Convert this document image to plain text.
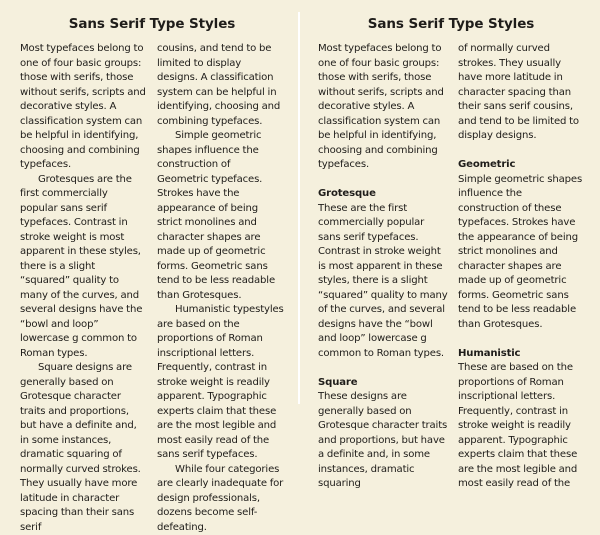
Sans Serif Type Styles

Most typefaces belong to one of four basic groups: those with serifs, those without serifs, scripts and decorative styles. A classification system can be helpful in identifying, choosing and combining typefaces.

Grotesques are the first commercially popular sans serif typefaces. Contrast in stroke weight is most apparent in these styles, there is a slight “squared” quality to many of the curves, and several designs have the “bowl and loop” lowercase g common to Roman types.

Square designs are generally based on Grotesque character traits and proportions, but have a definite and, in some instances, dramatic squaring of normally curved strokes. They usually have more latitude in character spacing than their sans serif

cousins, and tend to be limited to display designs. A classification system can be helpful in identifying, choosing and combining typefaces.

Simple geometric shapes influence the construction of Geometric typefaces. Strokes have the appearance of being strict monolines and character shapes are made up of geometric forms. Geometric sans tend to be less readable than Grotesques.

Humanistic typestyles are based on the proportions of Roman inscriptional letters. Frequently, contrast in stroke weight is readily apparent. Typographic experts claim that these are the most legible and most easily read of the sans serif typefaces.

While four categories are clearly inadequate for design professionals, dozens become self-defeating.

Sans Serif Type Styles

Most typefaces belong to one of four basic groups: those with serifs, those without serifs, scripts and decorative styles. A classification system can be helpful in identifying, choosing and combining typefaces.

Grotesque

These are the first commercially popular sans serif typefaces. Contrast in stroke weight is most apparent in these styles, there is a slight “squared” quality to many of the curves, and several designs have the “bowl and loop” lowercase g common to Roman types.

Square

These designs are generally based on Grotesque character traits and proportions, but have a definite and, in some instances, dramatic squaring

of normally curved strokes. They usually have more latitude in character spacing than their sans serif cousins, and tend to be limited to display designs.

Geometric

Simple geometric shapes influence the construction of these typefaces. Strokes have the appearance of being strict monolines and character shapes are made up of geometric forms. Geometric sans tend to be less readable than Grotesques.

Humanistic

These are based on the proportions of Roman inscriptional letters. Frequently, contrast in stroke weight is readily apparent. Typographic experts claim that these are the most legible and most easily read of the
